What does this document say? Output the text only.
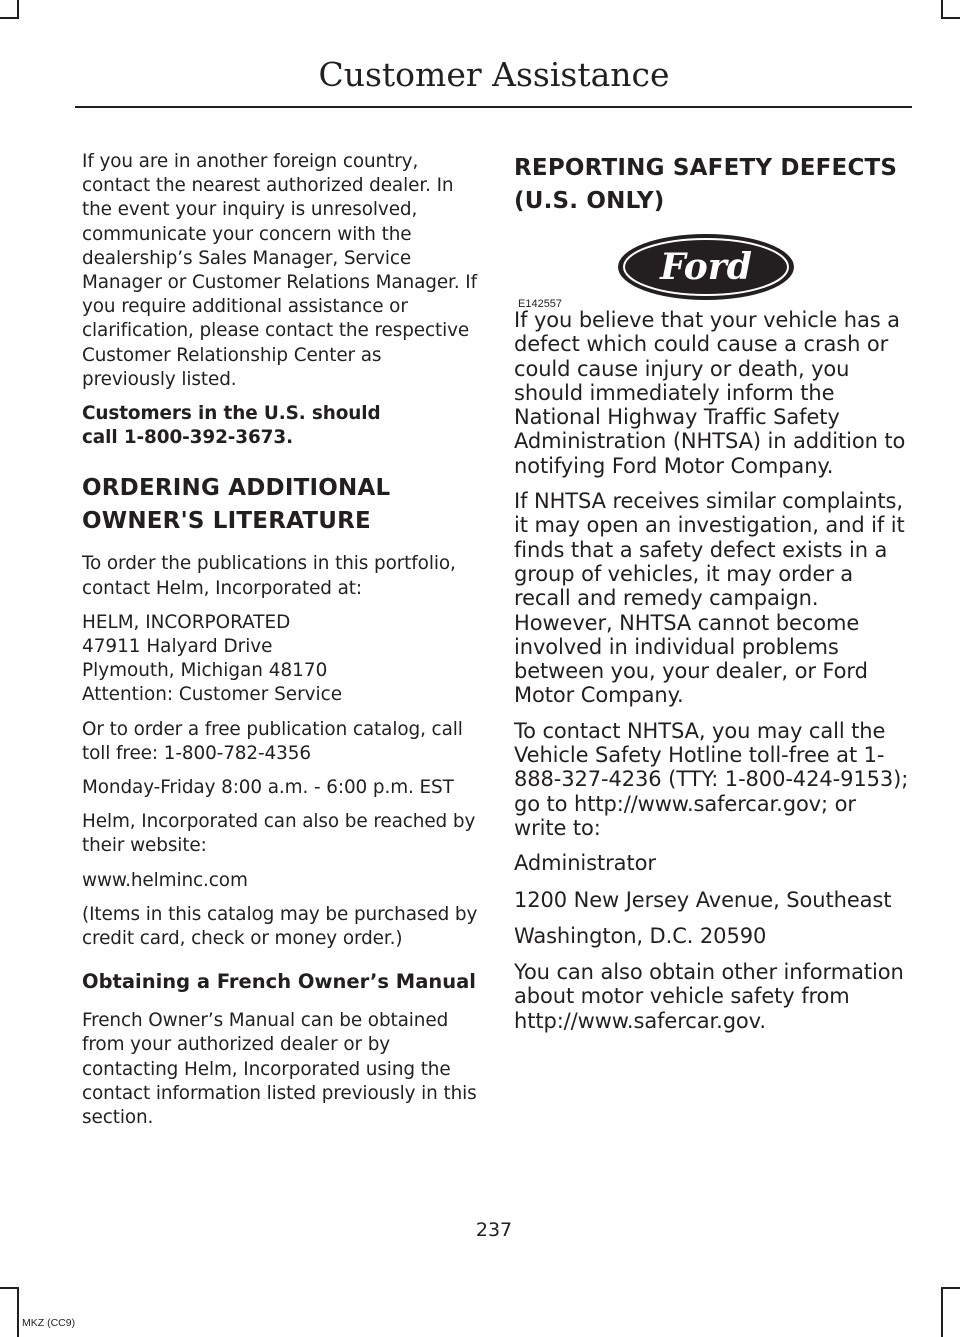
Customer Assistance

If you are in another foreign country, contact the nearest authorized dealer. In the event your inquiry is unresolved, communicate your concern with the dealership’s Sales Manager, Service Manager or Customer Relations Manager. If you require additional assistance or clarification, please contact the respective Customer Relationship Center as previously listed.

Customers in the U.S. should call 1-800-392-3673.

ORDERING ADDITIONAL
OWNER'S LITERATURE

To order the publications in this portfolio, contact Helm, Incorporated at:

HELM, INCORPORATED
47911 Halyard Drive
Plymouth, Michigan 48170
Attention: Customer Service

Or to order a free publication catalog, call toll free: 1-800-782-4356

Monday-Friday 8:00 a.m. - 6:00 p.m. EST

Helm, Incorporated can also be reached by their website:

www.helminc.com

(Items in this catalog may be purchased by credit card, check or money order.)

Obtaining a French Owner’s Manual

French Owner’s Manual can be obtained from your authorized dealer or by contacting Helm, Incorporated using the contact information listed previously in this section.

REPORTING SAFETY DEFECTS
(U.S. ONLY)
Ford
E142557

If you believe that your vehicle has a defect which could cause a crash or could cause injury or death, you should immediately inform the National Highway Traffic Safety Administration (NHTSA) in addition to notifying Ford Motor Company.

If NHTSA receives similar complaints, it may open an investigation, and if it finds that a safety defect exists in a group of vehicles, it may order a recall and remedy campaign. However, NHTSA cannot become involved in individual problems between you, your dealer, or Ford Motor Company.

To contact NHTSA, you may call the Vehicle Safety Hotline toll-free at 1-888-327-4236 (TTY: 1-800-424-9153); go to http://www.safercar.gov; or write to:

Administrator

1200 New Jersey Avenue, Southeast

Washington, D.C. 20590

You can also obtain other information about motor vehicle safety from http://www.safercar.gov.

237
MKZ (CC9)
